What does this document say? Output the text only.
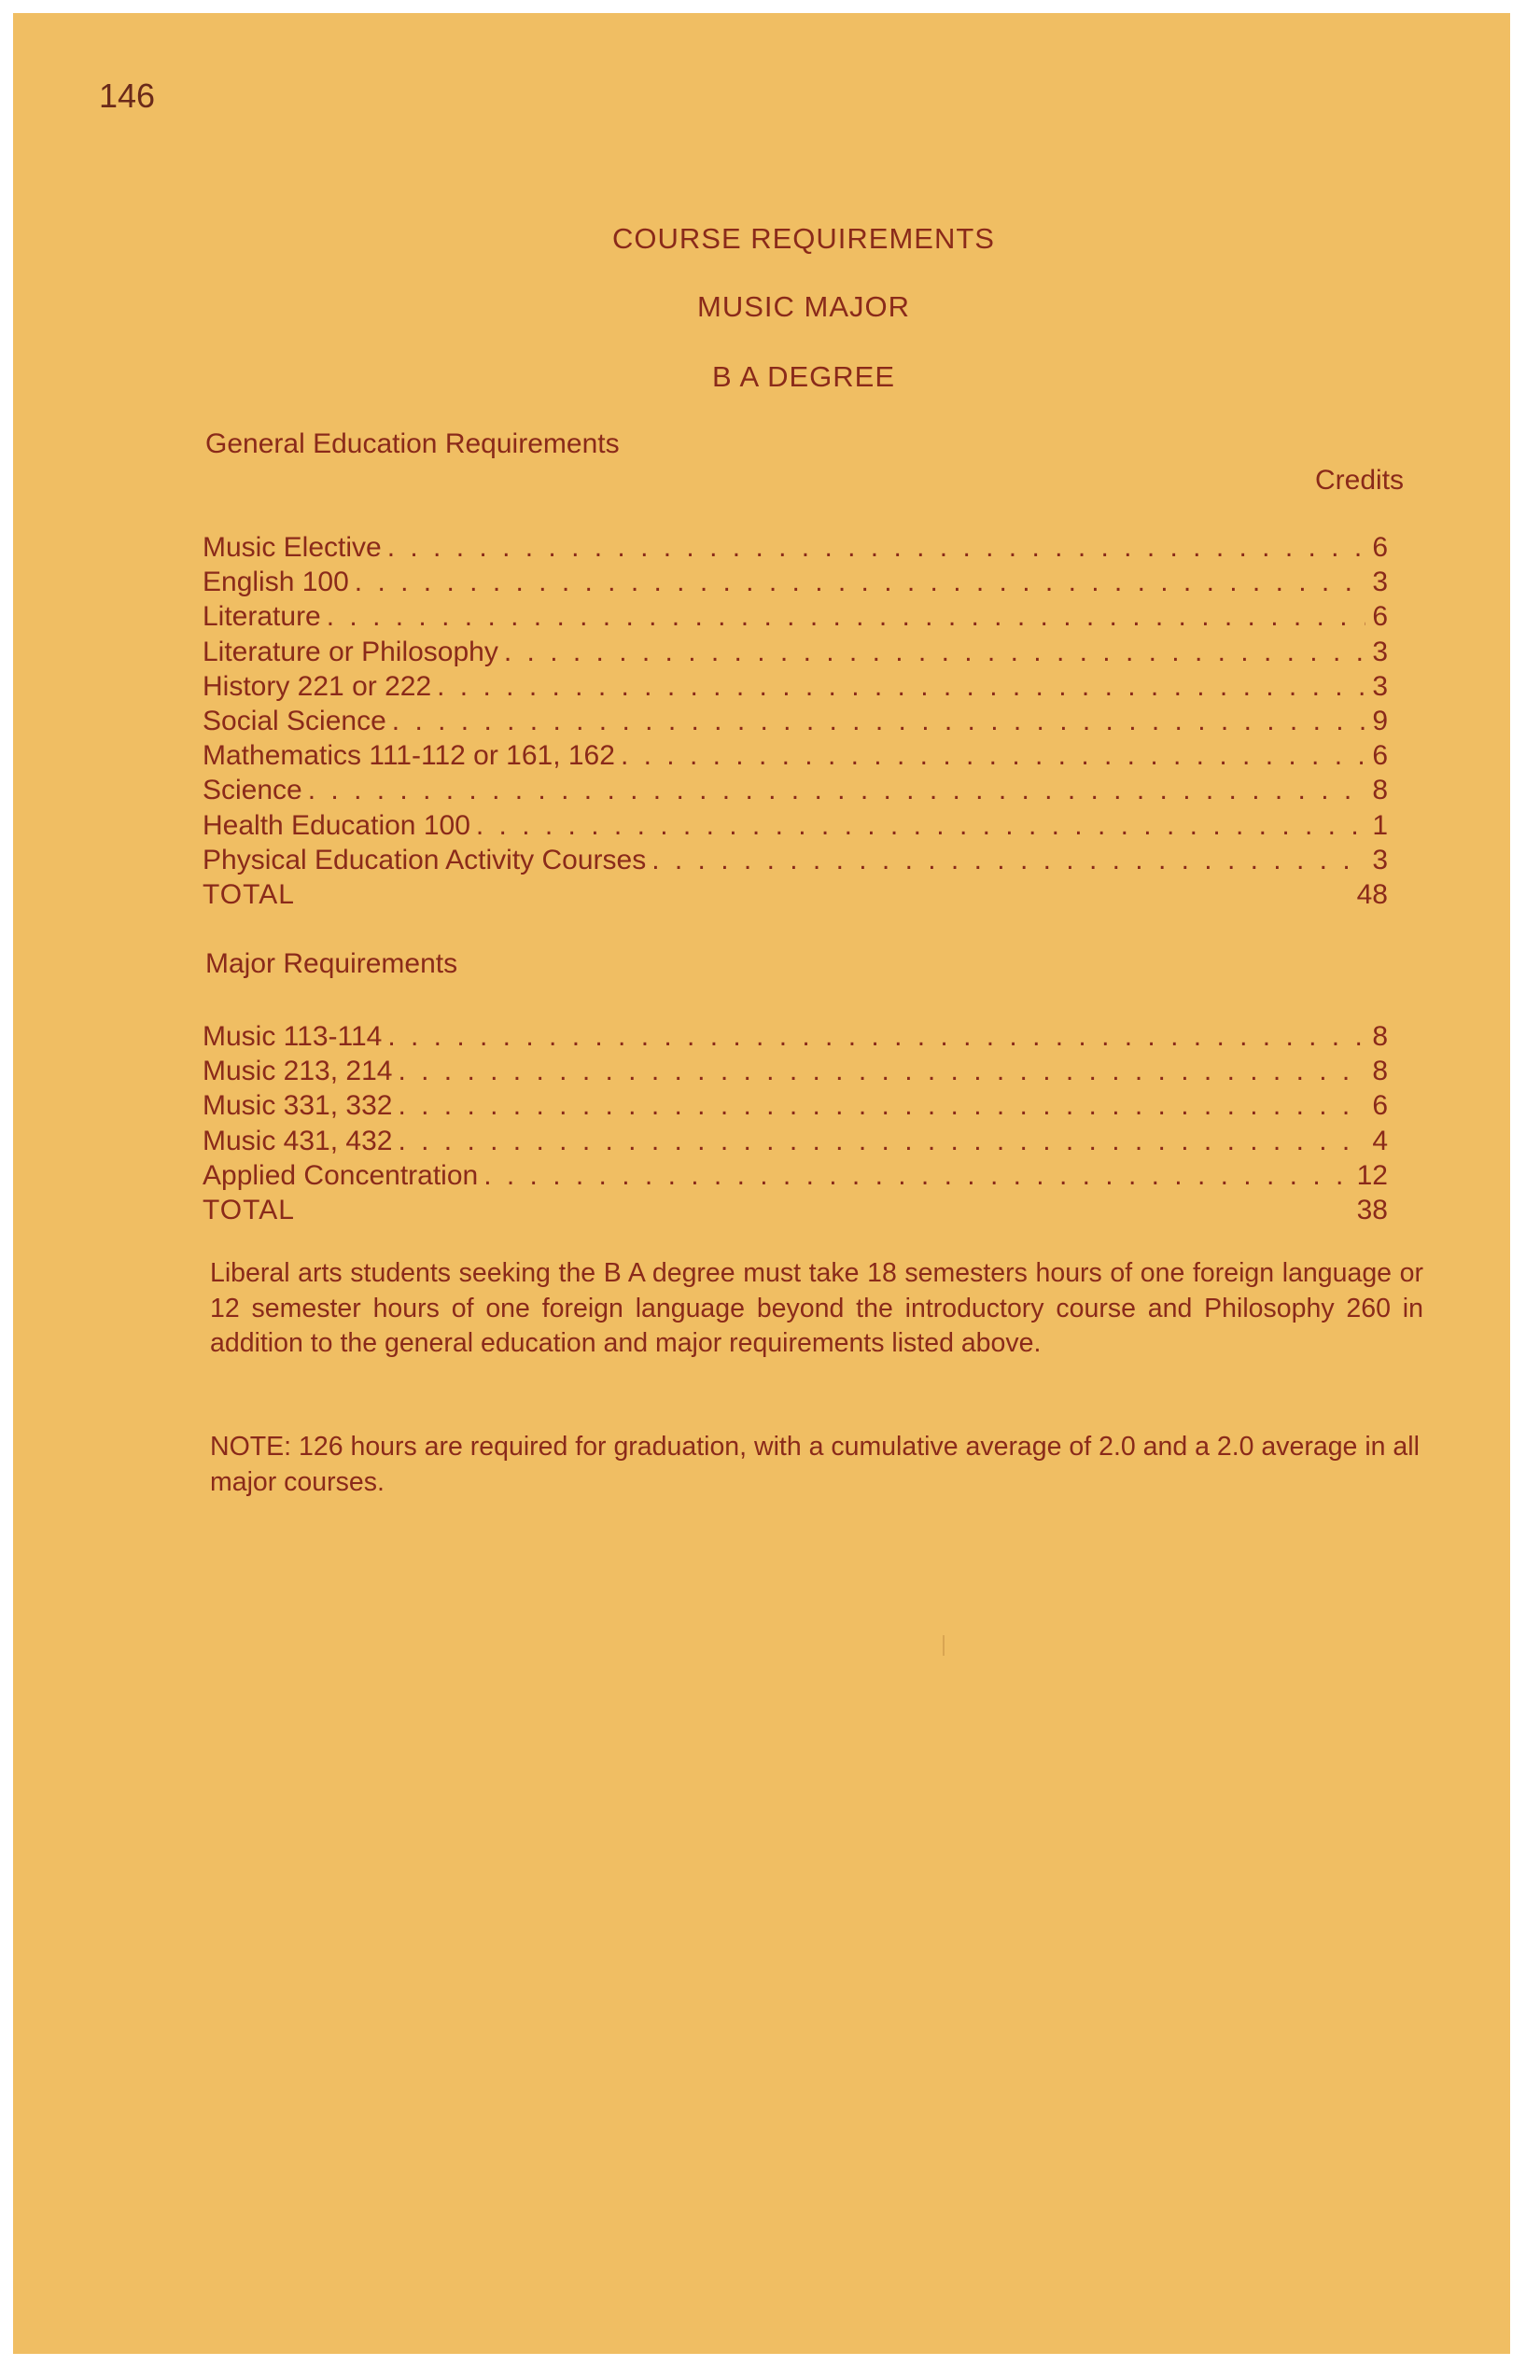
146
COURSE REQUIREMENTS
MUSIC MAJOR
B A DEGREE
General Education Requirements
Credits
Music Elective . . .	6
English 100 . . .	3
Literature . . .	6
Literature or Philosophy . . .	3
History 221 or 222 . . .	3
Social Science . . .	9
Mathematics 111-112 or 161, 162 . . .	6
Science . . .	8
Health Education 100 . . .	1
Physical Education Activity Courses . . .	3
TOTAL	48
Major Requirements
Music 113-114 . . .	8
Music 213, 214 . . .	8
Music 331, 332 . . .	6
Music 431, 432 . . .	4
Applied Concentration . . .	12
TOTAL	38
Liberal arts students seeking the B A degree must take 18 semesters hours of one foreign language or 12 semester hours of one foreign language beyond the introductory course and Philosophy 260 in addition to the general education and major requirements listed above.
NOTE: 126 hours are required for graduation, with a cumulative average of 2.0 and a 2.0 average in all major courses.
